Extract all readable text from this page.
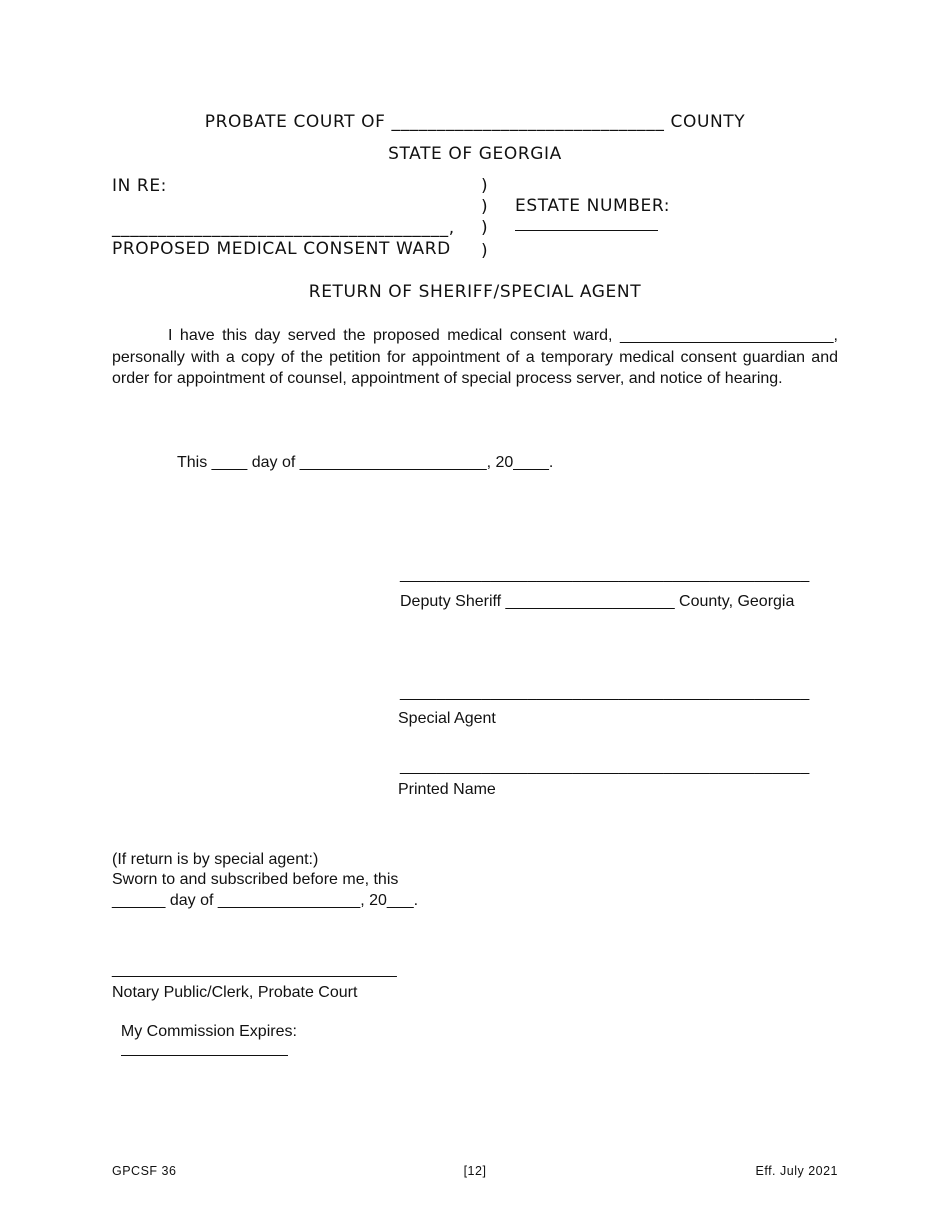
PROBATE COURT OF ______________________________ COUNTY
STATE OF GEORGIA
IN RE:
_____________________________________,
PROPOSED MEDICAL CONSENT WARD
)
)
)
)

ESTATE NUMBER:

RETURN OF SHERIFF/SPECIAL AGENT

I have this day served the proposed medical consent ward, ________________________, personally with a copy of the petition for appointment of a temporary medical consent guardian and order for appointment of counsel, appointment of special process server, and notice of hearing.

This ____ day of _____________________, 20____.
_____________________________________________
Deputy Sheriff ___________________ County, Georgia
_____________________________________________
Special Agent
_____________________________________________
Printed Name
(If return is by special agent:)
Sworn to and subscribed before me, this
______ day of ________________, 20___.
________________________________
Notary Public/Clerk, Probate Court

My Commission Expires:

GPCSF 36	[12]	Eff. July 2021
